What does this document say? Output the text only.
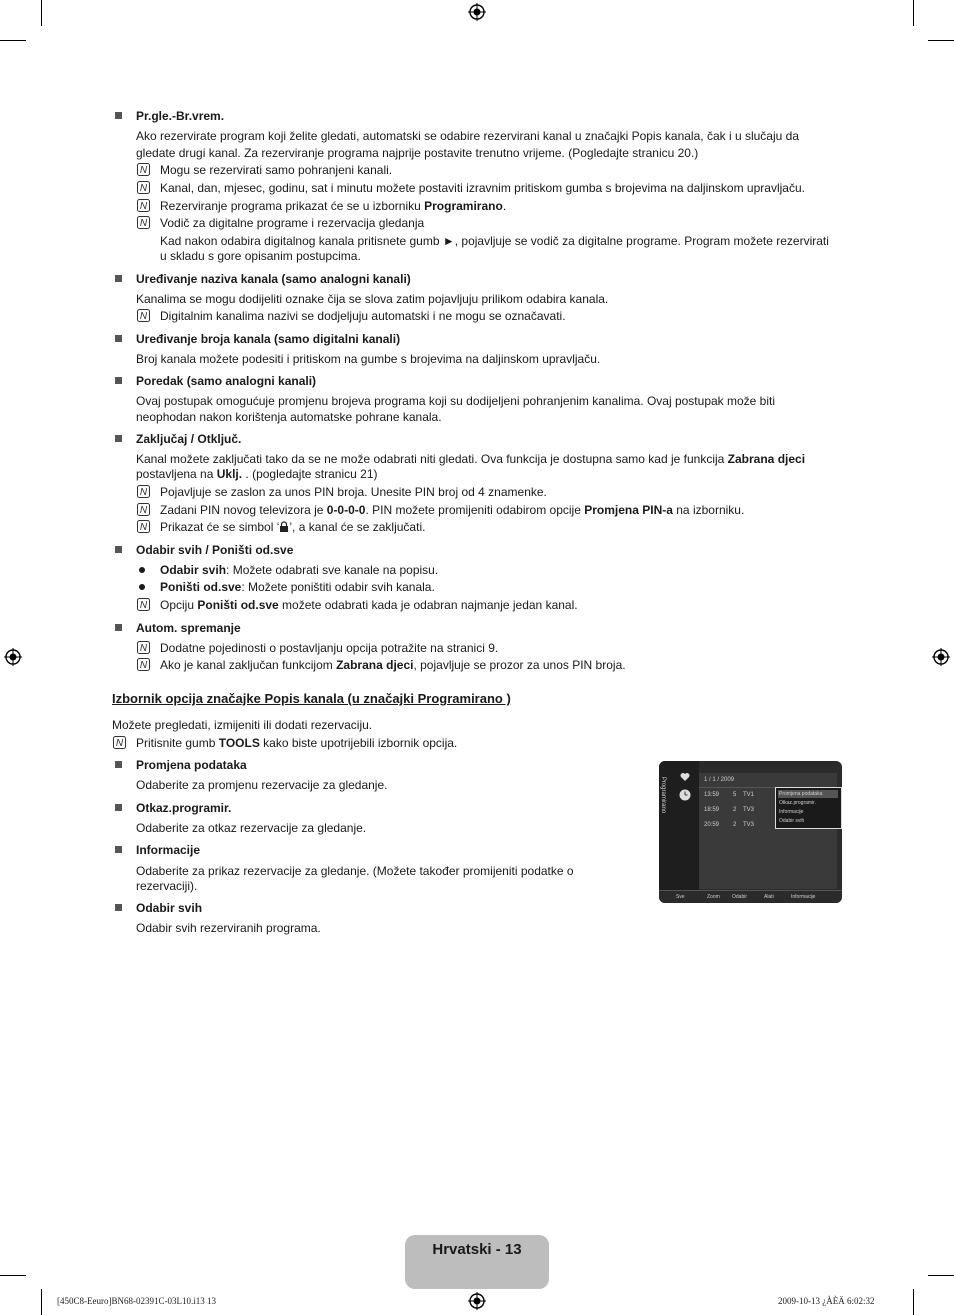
Pr.gle.-Br.vrem.
Ako rezervirate program koji želite gledati, automatski se odabire rezervirani kanal u značajki Popis kanala, čak i u slučaju da
gledate drugi kanal. Za rezerviranje programa najprije postavite trenutno vrijeme. (Pogledajte stranicu 20.)
N Mogu se rezervirati samo pohranjeni kanali.
N Kanal, dan, mjesec, godinu, sat i minutu možete postaviti izravnim pritiskom gumba s brojevima na daljinskom upravljaču.
N Rezerviranje programa prikazat će se u izborniku Programirano.
N Vodič za digitalne programe i rezervacija gledanja
Kad nakon odabira digitalnog kanala pritisnete gumb ►, pojavljuje se vodič za digitalne programe. Program možete rezervirati
u skladu s gore opisanim postupcima.
Uređivanje naziva kanala (samo analogni kanali)
Kanalima se mogu dodijeliti oznake čija se slova zatim pojavljuju prilikom odabira kanala.
N Digitalnim kanalima nazivi se dodjeljuju automatski i ne mogu se označavati.
Uređivanje broja kanala (samo digitalni kanali)
Broj kanala možete podesiti i pritiskom na gumbe s brojevima na daljinskom upravljaču.
Poredak (samo analogni kanali)
Ovaj postupak omogućuje promjenu brojeva programa koji su dodijeljeni pohranjenim kanalima. Ovaj postupak može biti
neophodan nakon korištenja automatske pohrane kanala.
Zaključaj / Otključ.
Kanal možete zaključati tako da se ne može odabrati niti gledati. Ova funkcija je dostupna samo kad je funkcija Zabrana djeci
postavljena na Uklj. . (pogledajte stranicu 21)
N Pojavljuje se zaslon za unos PIN broja. Unesite PIN broj od 4 znamenke.
N Zadani PIN novog televizora je 0-0-0-0. PIN možete promijeniti odabirom opcije Promjena PIN-a na izborniku.
N Prikazat će se simbol ‘ ’, a kanal će se zaključati.
Odabir svih / Poništi od.sve
Odabir svih: Možete odabrati sve kanale na popisu.
Poništi od.sve: Možete poništiti odabir svih kanala.
N Opciju Poništi od.sve možete odabrati kada je odabran najmanje jedan kanal.
Autom. spremanje
N Dodatne pojedinosti o postavljanju opcija potražite na stranici 9.
N Ako je kanal zaključan funkcijom Zabrana djeci, pojavljuje se prozor za unos PIN broja.
Izbornik opcija značajke Popis kanala (u značajki Programirano )
Možete pregledati, izmijeniti ili dodati rezervaciju.
N Pritisnite gumb TOOLS kako biste upotrijebili izbornik opcija.
Promjena podataka
Odaberite za promjenu rezervacije za gledanje.
Otkaz.programir.
Odaberite za otkaz rezervacije za gledanje.
Informacije
Odaberite za prikaz rezervacije za gledanje. (Možete također promijeniti podatke o
rezervaciji).
Odabir svih
Odabir svih rezerviranih programa.
Programirano	1 / 1 / 2009
13:59 5 TV1
18:59 2 TV3
20:59 2 TV3
Promjena podataka
Otkaz.programir.
Informacije
Odabir svih
Sve	Zoom Odabir	Alati	Informacije
Hrvatski - 13
[450C8-Eeuro]BN68-02391C-03L10.i13 13	2009-10-13 ¿ÀÈÄ 6:02:32
